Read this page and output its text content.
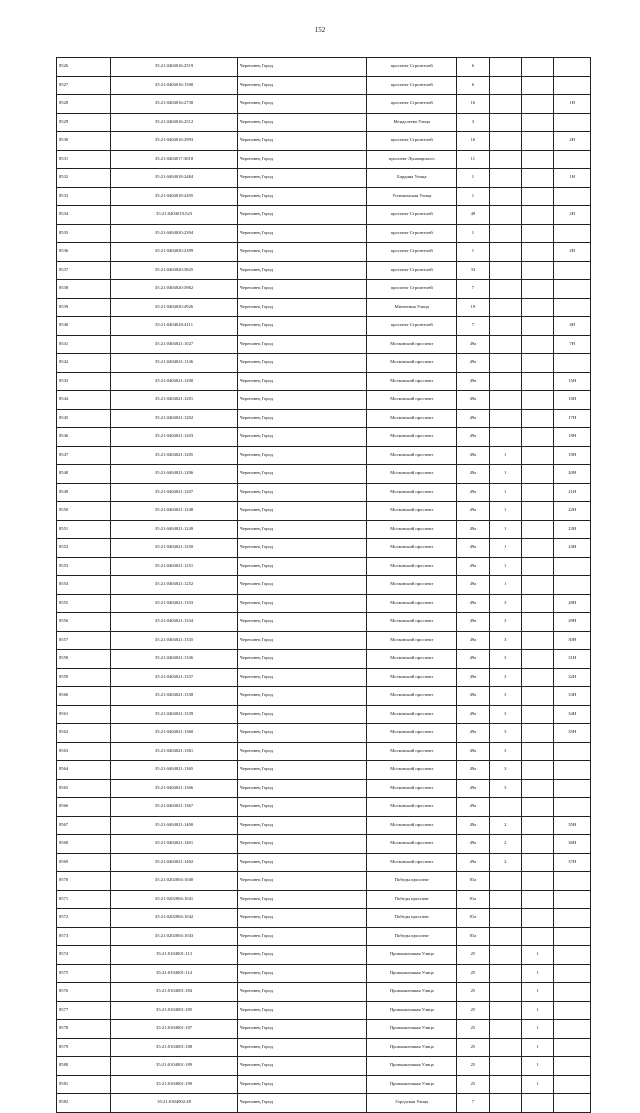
152
8526	35:21:0404016:2519	Череповец Город	проспект Строителей	6			
8527	35:21:0404016:1500	Череповец Город	проспект Строителей	6			
8528	35:21:0404016:2730	Череповец Город	проспект Строителей	16			1Н
8529	35:21:0404016:2512	Череповец Город	Менделеева Улица	3			
8530	35:21:0404016:2993	Череповец Город	проспект Строителей	16			2Н
8531	35:21:0404017:3018	Череповец Город	проспект Луначарского	11			
8532	35:21:0404018:2484	Череповец Город	Бардина Улица	1			1Н
8533	35:21:0404018:2495	Череповец Город	Устюженская Улица	1			
8534	35:21:0404019:523	Череповец Город	проспект Строителей	49			2Н
8535	35:21:0404020:2394	Череповец Город	проспект Строителей	1			
8536	35:21:0404020:2399	Череповец Город	проспект Строителей	1			2Н
8537	35:21:0404020:3825	Череповец Город	проспект Строителей	33			
8538	35:21:0404020:3962	Череповец Город	проспект Строителей	7			
8539	35:21:0404020:4926	Череповец Город	Милютина Улица	19			
8540	35:21:0404020:4111	Череповец Город	проспект Строителей	7			4Н
8541	35:21:0404021:1027	Череповец Город	Московский проспект	49а			7Н
8542	35:21:0404021:1136	Череповец Город	Московский проспект	49а			
8543	35:21:0404021:1200	Череповец Город	Московский проспект	49а			15Н
8544	35:21:0404021:1201	Череповец Город	Московский проспект	49а			16Н
8545	35:21:0404021:1202	Череповец Город	Московский проспект	49а			17Н
8546	35:21:0404021:1203	Череповец Город	Московский проспект	49а			18Н
8547	35:21:0404021:1205	Череповец Город	Московский проспект	49а	1		19Н
8548	35:21:0404021:1206	Череповец Город	Московский проспект	49а	1		20Н
8549	35:21:0404021:1207	Череповец Город	Московский проспект	49а	1		21Н
8550	35:21:0404021:1248	Череповец Город	Московский проспект	49а	1		22Н
8551	35:21:0404021:1249	Череповец Город	Московский проспект	49а	1		23Н
8552	35:21:0404021:1250	Череповец Город	Московский проспект	49а	1		24Н
8553	35:21:0404021:1251	Череповец Город	Московский проспект	49а	1		
8554	35:21:0404021:1252	Череповец Город	Московский проспект	49а	1		
8555	35:21:0404021:1333	Череповец Город	Московский проспект	49а	3		28Н
8556	35:21:0404021:1334	Череповец Город	Московский проспект	49а	3		29Н
8557	35:21:0404021:1335	Череповец Город	Московский проспект	49а	3		30Н
8558	35:21:0404021:1336	Череповец Город	Московский проспект	49а	3		31Н
8559	35:21:0404021:1337	Череповец Город	Московский проспект	49а	3		32Н
8560	35:21:0404021:1338	Череповец Город	Московский проспект	49а	3		33Н
8561	35:21:0404021:1339	Череповец Город	Московский проспект	49а	3		34Н
8562	35:21:0404021:1360	Череповец Город	Московский проспект	49а	3		35Н
8563	35:21:0404021:1361	Череповец Город	Московский проспект	49а	3		
8564	35:21:0404021:1365	Череповец Город	Московский проспект	49а	3		
8565	35:21:0404021:1366	Череповец Город	Московский проспект	49а	3		
8566	35:21:0404021:1367	Череповец Город	Московский проспект	49а			
8567	35:21:0404021:1400	Череповец Город	Московский проспект	49а	2		35Н
8568	35:21:0404021:1401	Череповец Город	Московский проспект	49а	2		36Н
8569	35:21:0404021:1402	Череповец Город	Московский проспект	49а	2		37Н
8570	35:21:0202004:1040	Череповец Город	Победы проспект	81а			
8571	35:21:0202004:1041	Череповец Город	Победы проспект	81а			
8572	35:21:0202004:1042	Череповец Город	Победы проспект	81а			
8573	35:21:0202004:1043	Череповец Город	Победы проспект	81а			
8574	35:21:0104001:113	Череповец Город	Промышленная Улица	25		1	
8575	35:21:0104001:114	Череповец Город	Промышленная Улица	25		1	
8576	35:21:0104001:184	Череповец Город	Промышленная Улица	25		1	
8577	35:21:0104001:185	Череповец Город	Промышленная Улица	25		1	
8578	35:21:0104001:187	Череповец Город	Промышленная Улица	25		1	
8579	35:21:0104001:188	Череповец Город	Промышленная Улица	25		1	
8580	35:21:0104001:189	Череповец Город	Промышленная Улица	25		1	
8581	35:21:0104001:190	Череповец Город	Промышленная Улица	25		1	
8582	35:21:0304002:48	Череповец Город	Городская Улица	7			
